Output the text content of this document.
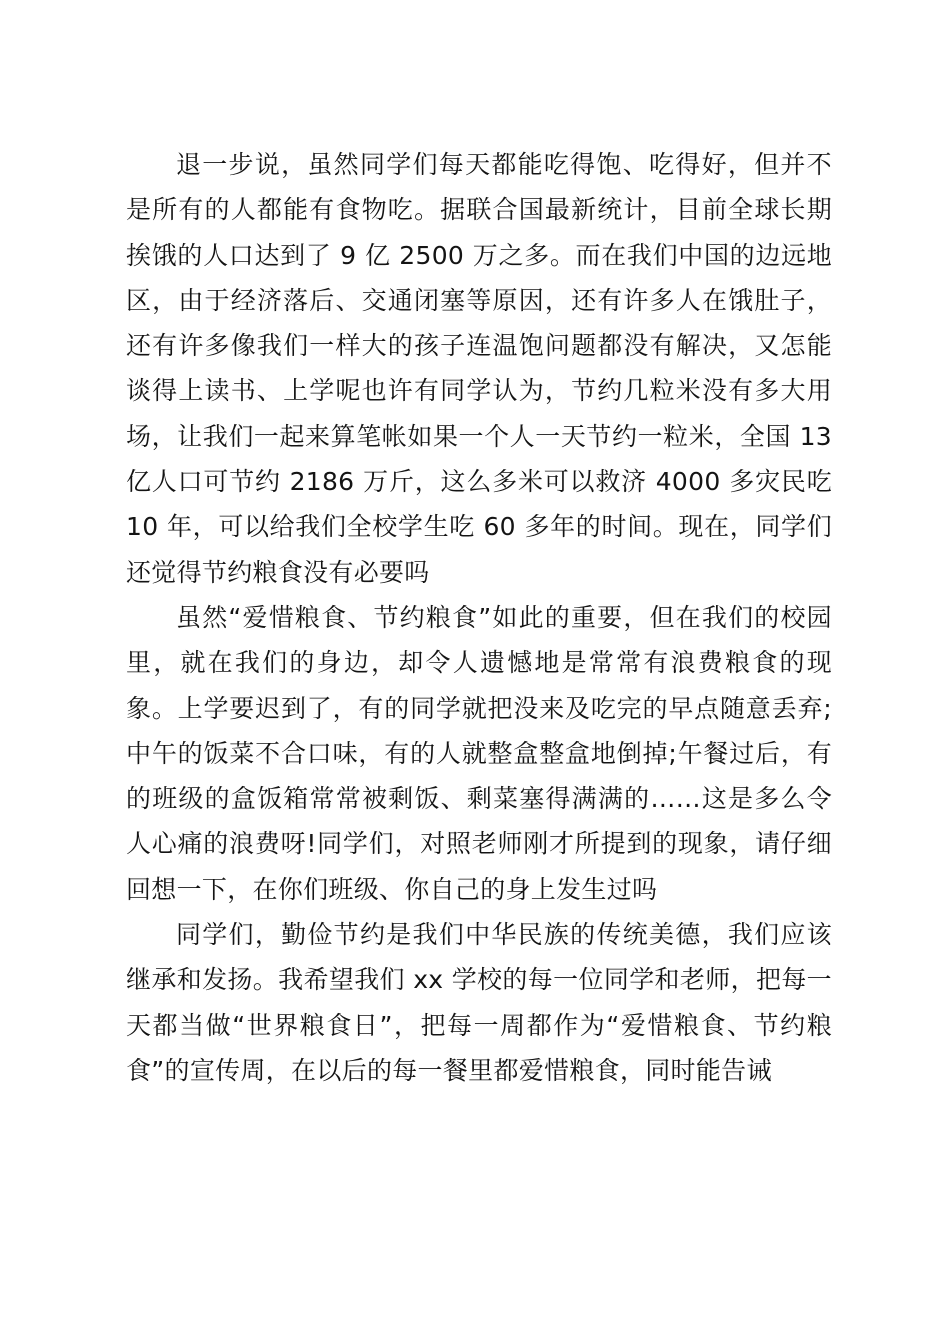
退一步说，虽然同学们每天都能吃得饱、吃得好，但并不是所有的人都能有食物吃。据联合国最新统计，目前全球长期挨饿的人口达到了 9 亿 2500 万之多。而在我们中国的边远地区，由于经济落后、交通闭塞等原因，还有许多人在饿肚子，还有许多像我们一样大的孩子连温饱问题都没有解决，又怎能谈得上读书、上学呢也许有同学认为，节约几粒米没有多大用场，让我们一起来算笔帐如果一个人一天节约一粒米，全国 13 亿人口可节约 2186 万斤，这么多米可以救济 4000 多灾民吃 10 年，可以给我们全校学生吃 60 多年的时间。现在，同学们还觉得节约粮食没有必要吗

虽然“爱惜粮食、节约粮食”如此的重要，但在我们的校园里，就在我们的身边，却令人遗憾地是常常有浪费粮食的现象。上学要迟到了，有的同学就把没来及吃完的早点随意丢弃;中午的饭菜不合口味，有的人就整盒整盒地倒掉;午餐过后，有的班级的盒饭箱常常被剩饭、剩菜塞得满满的……这是多么令人心痛的浪费呀!同学们，对照老师刚才所提到的现象，请仔细回想一下，在你们班级、你自己的身上发生过吗

同学们，勤俭节约是我们中华民族的传统美德，我们应该继承和发扬。我希望我们 xx 学校的每一位同学和老师，把每一天都当做“世界粮食日”，把每一周都作为“爱惜粮食、节约粮食”的宣传周，在以后的每一餐里都爱惜粮食，同时能告诫
